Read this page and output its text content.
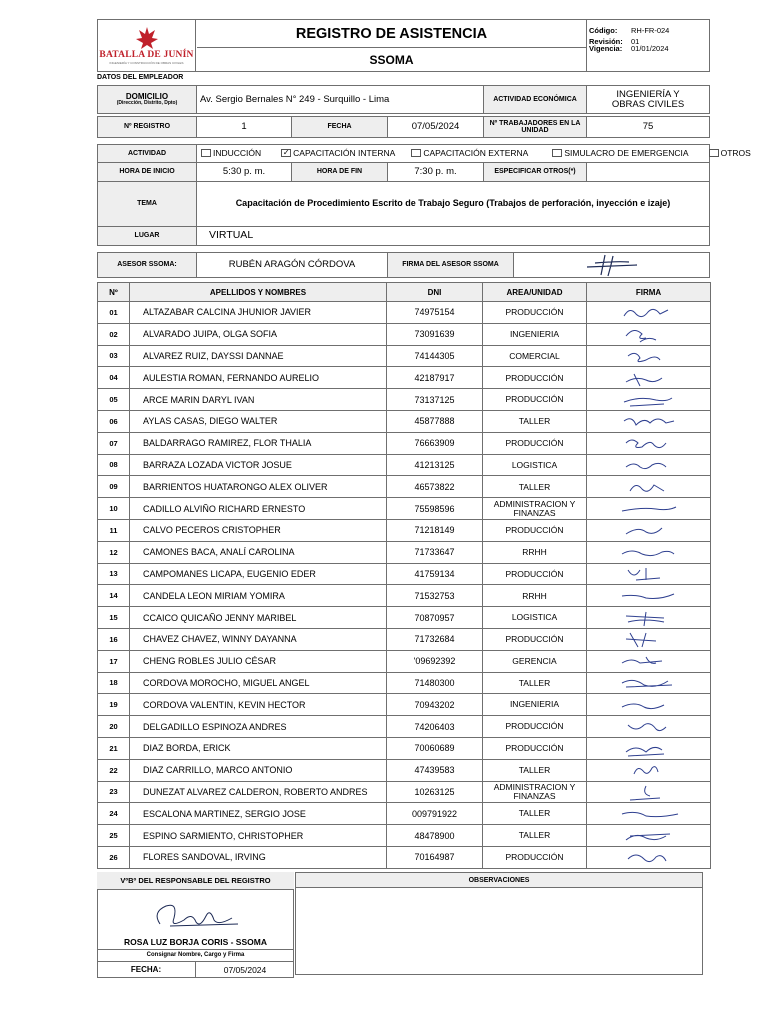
BATALLA DE JUNÍN
INGENIERÍA Y CONSTRUCCIÓN DE OBRAS CIVILES
REGISTRO DE ASISTENCIA
SSOMA
Código: RH-FR-024
Revisión: 01
Vigencia: 01/01/2024
DATOS DEL EMPLEADOR
DOMICILIO
(Dirección, Distrito, Dpto)	Av. Sergio Bernales N° 249 - Surquillo - Lima	ACTIVIDAD ECONÓMICA	INGENIERÍA Y OBRAS CIVILES
Nº REGISTRO	1	FECHA	07/05/2024	Nº TRABAJADORES EN LA UNIDAD	75
ACTIVIDAD	INDUCCIÓN	✓ CAPACITACIÓN INTERNA	CAPACITACIÓN EXTERNA	SIMULACRO DE EMERGENCIA	OTROS
HORA DE INICIO	5:30 p. m.	HORA DE FIN	7:30 p. m.	ESPECIFICAR OTROS(*)
TEMA	Capacitación de Procedimiento Escrito de Trabajo Seguro (Trabajos de perforación, inyección e izaje)
LUGAR	VIRTUAL
ASESOR SSOMA:	RUBÉN ARAGÓN CÓRDOVA	FIRMA DEL ASESOR SSOMA
Nº	APELLIDOS Y NOMBRES	DNI	AREA/UNIDAD	FIRMA
01	ALTAZABAR CALCINA JHUNIOR JAVIER	74975154	PRODUCCIÓN	

02	ALVARADO JUIPA, OLGA SOFIA	73091639	INGENIERIA	

03	ALVAREZ RUIZ, DAYSSI DANNAE	74144305	COMERCIAL	

04	AULESTIA ROMAN, FERNANDO AURELIO	42187917	PRODUCCIÓN	

05	ARCE MARIN DARYL IVAN	73137125	PRODUCCIÓN	

06	AYLAS CASAS, DIEGO WALTER	45877888	TALLER	

07	BALDARRAGO RAMIREZ, FLOR THALIA	76663909	PRODUCCIÓN	

08	BARRAZA LOZADA VICTOR JOSUE	41213125	LOGISTICA	

09	BARRIENTOS HUATARONGO ALEX OLIVER	46573822	TALLER	

10	CADILLO ALVIÑO RICHARD ERNESTO	75598596	ADMINISTRACION Y FINANZAS	

11	CALVO PECEROS CRISTOPHER	71218149	PRODUCCIÓN	

12	CAMONES BACA, ANALÍ CAROLINA	71733647	RRHH	

13	CAMPOMANES LICAPA, EUGENIO EDER	41759134	PRODUCCIÓN	

14	CANDELA LEON MIRIAM YOMIRA	71532753	RRHH	

15	CCAICO QUICAÑO JENNY MARIBEL	70870957	LOGISTICA	

16	CHAVEZ CHAVEZ, WINNY DAYANNA	71732684	PRODUCCIÓN	

17	CHENG ROBLES JULIO CÉSAR	'09692392	GERENCIA	

18	CORDOVA MOROCHO, MIGUEL ANGEL	71480300	TALLER	

19	CORDOVA VALENTIN, KEVIN HECTOR	70943202	INGENIERIA	

20	DELGADILLO ESPINOZA ANDRES	74206403	PRODUCCIÓN	

21	DIAZ BORDA, ERICK	70060689	PRODUCCIÓN	

22	DIAZ CARRILLO, MARCO ANTONIO	47439583	TALLER	

23	DUNEZAT ALVAREZ CALDERON, ROBERTO ANDRES	10263125	ADMINISTRACION Y FINANZAS	

24	ESCALONA MARTINEZ, SERGIO JOSE	009791922	TALLER	

25	ESPINO SARMIENTO, CHRISTOPHER	48478900	TALLER	

26	FLORES SANDOVAL, IRVING	70164987	PRODUCCIÓN	
VºBº DEL RESPONSABLE DEL REGISTRO
ROSA LUZ BORJA CORIS - SSOMA
Consignar Nombre, Cargo y Firma
FECHA:	07/05/2024
OBSERVACIONES
